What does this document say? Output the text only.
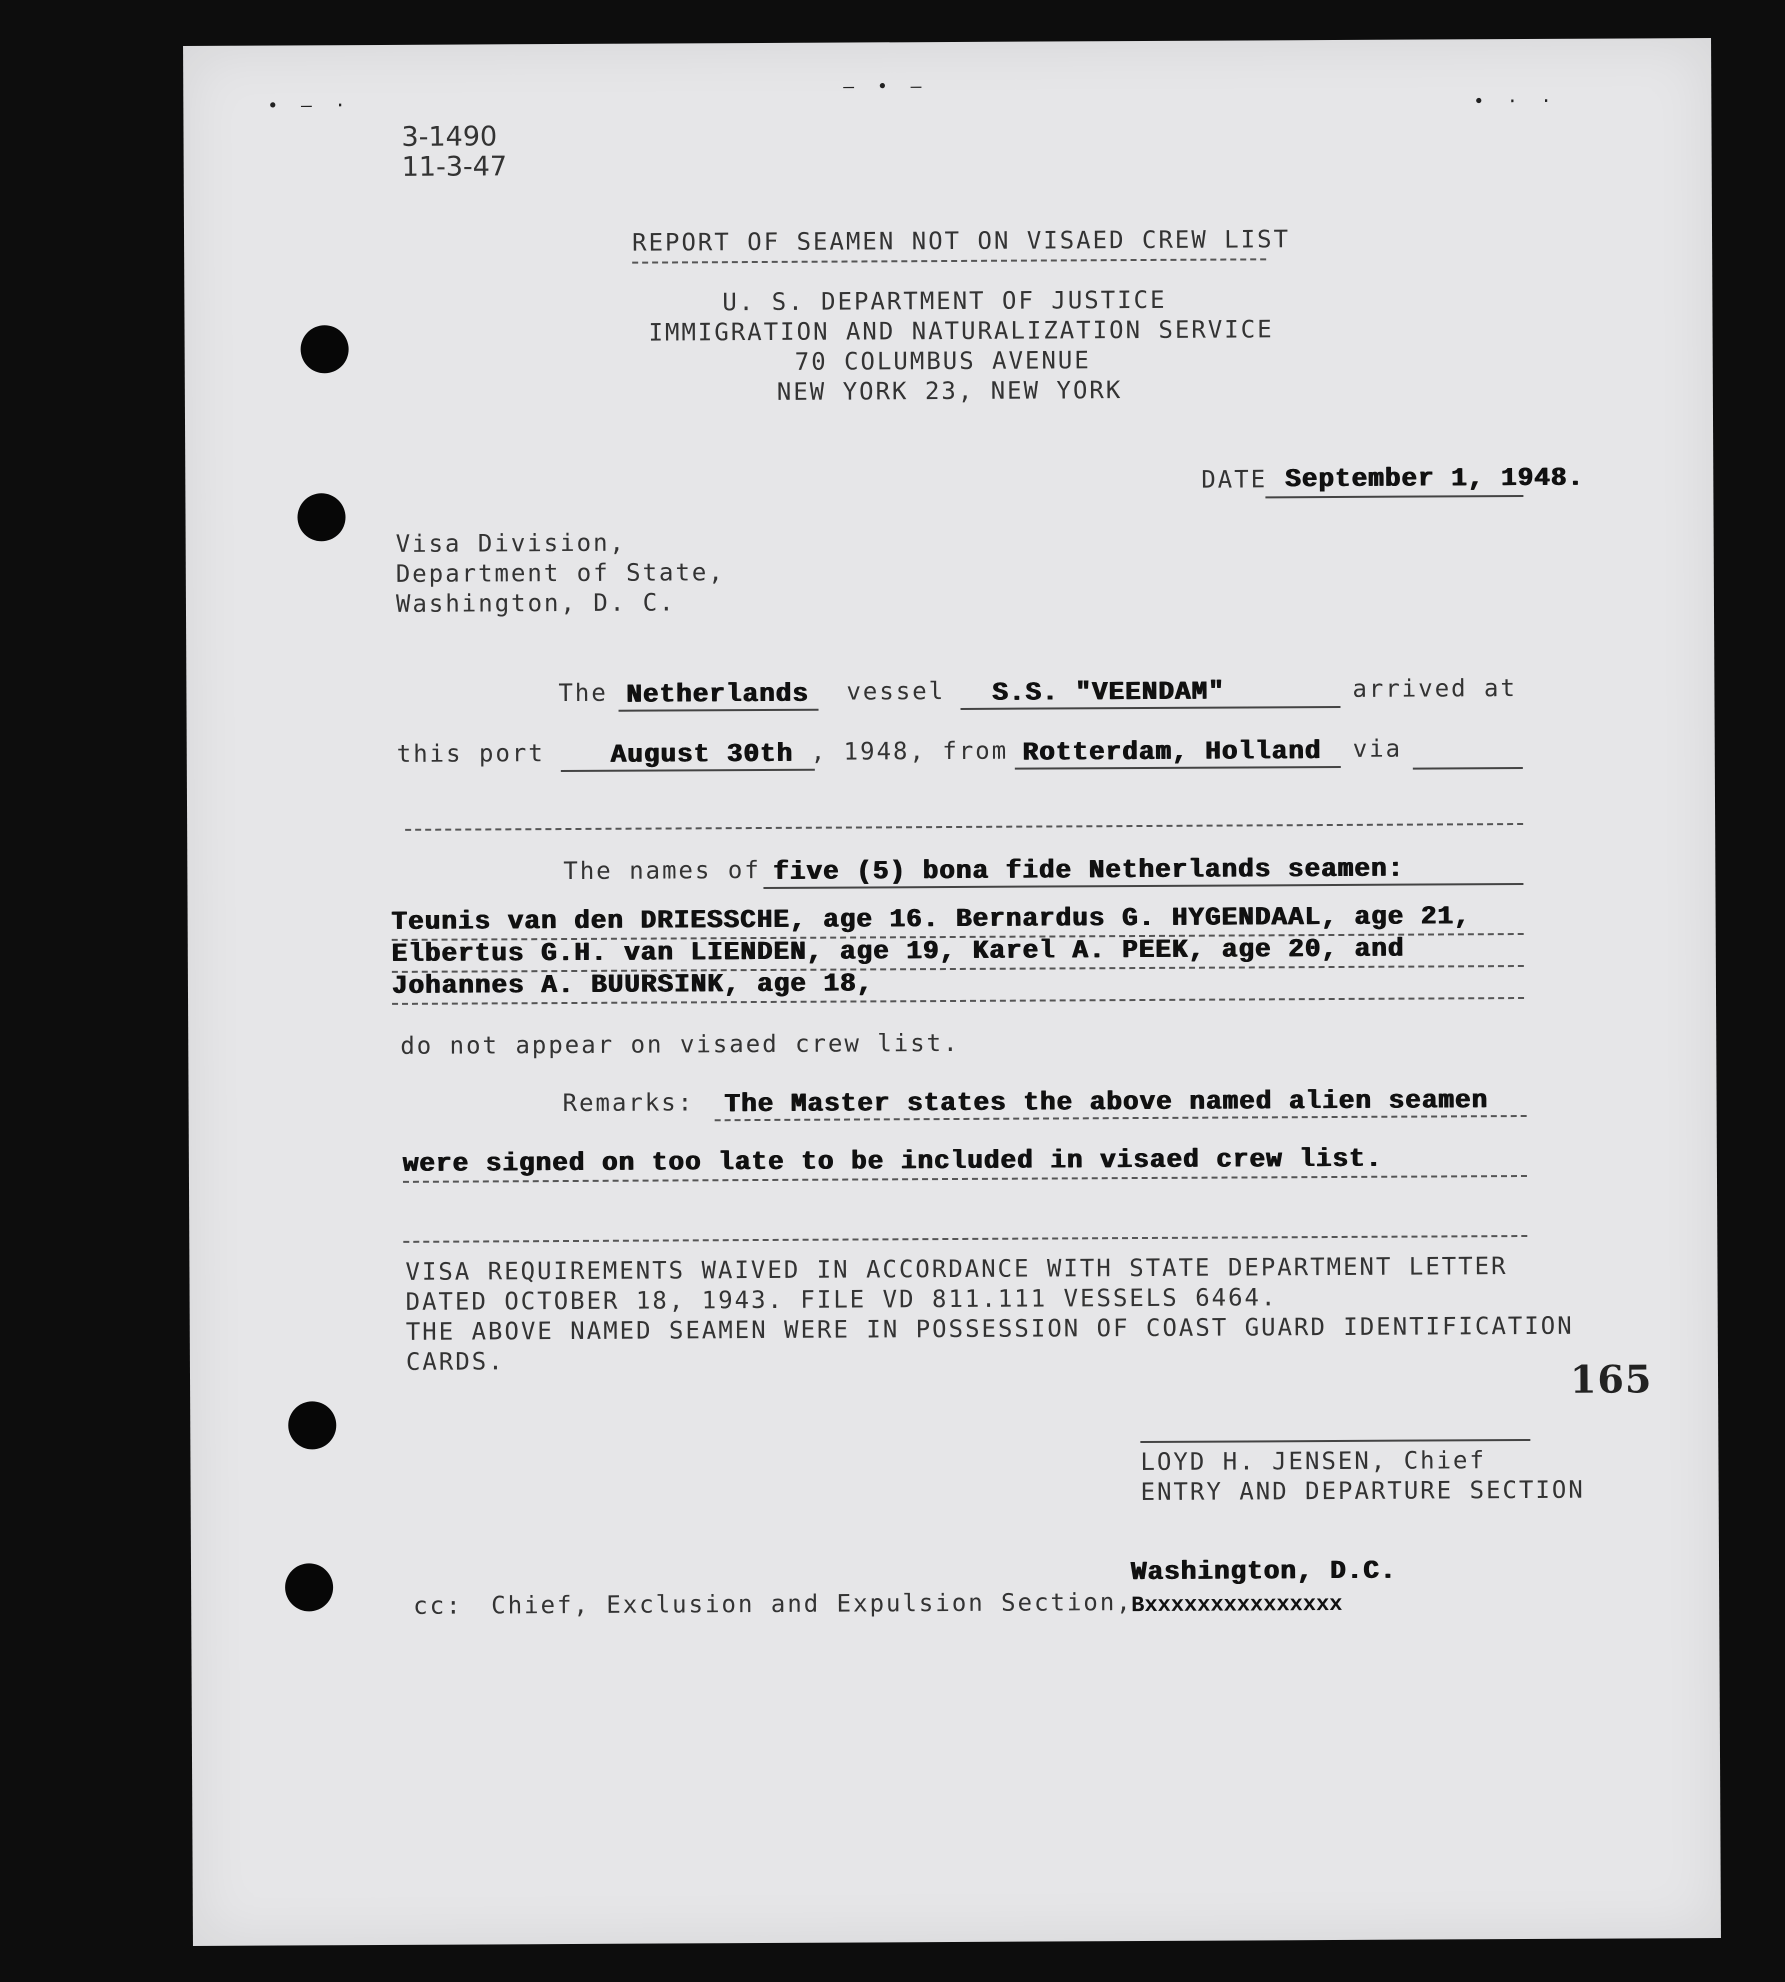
• – ·
– • –
• · ·
3-1490
11-3-47
REPORT OF SEAMEN NOT ON VISAED CREW LIST
U. S. DEPARTMENT OF JUSTICE
IMMIGRATION AND NATURALIZATION SERVICE
70 COLUMBUS AVENUE
NEW YORK 23, NEW YORK
DATE September 1, 1948.
Visa Division,
Department of State,
Washington, D. C.
The Netherlands vessel S.S. "VEENDAM"	arrived at
this port	August 30th , 1948, from Rotterdam, Holland via
The names of five (5) bona fide Netherlands seamen:
Teunis van den DRIESSCHE, age 16. Bernardus G. HYGENDAAL, age 21,
Elbertus G.H. van LIENDEN, age 19, Karel A. PEEK, age 20, and
Johannes A. BUURSINK, age 18,
do not appear on visaed crew list.
Remarks: The Master states the above named alien seamen
were signed on too late to be included in visaed crew list.
VISA REQUIREMENTS WAIVED IN ACCORDANCE WITH STATE DEPARTMENT LETTER
DATED OCTOBER 18, 1943. FILE VD 811.111 VESSELS 6464.
THE ABOVE NAMED SEAMEN WERE IN POSSESSION OF COAST GUARD IDENTIFICATION
CARDS.	165
LOYD H. JENSEN, Chief
ENTRY AND DEPARTURE SECTION
Washington, D.C.
cc: Chief, Exclusion and Expulsion Section,
Bxxxxxxxxxxxxxxx
